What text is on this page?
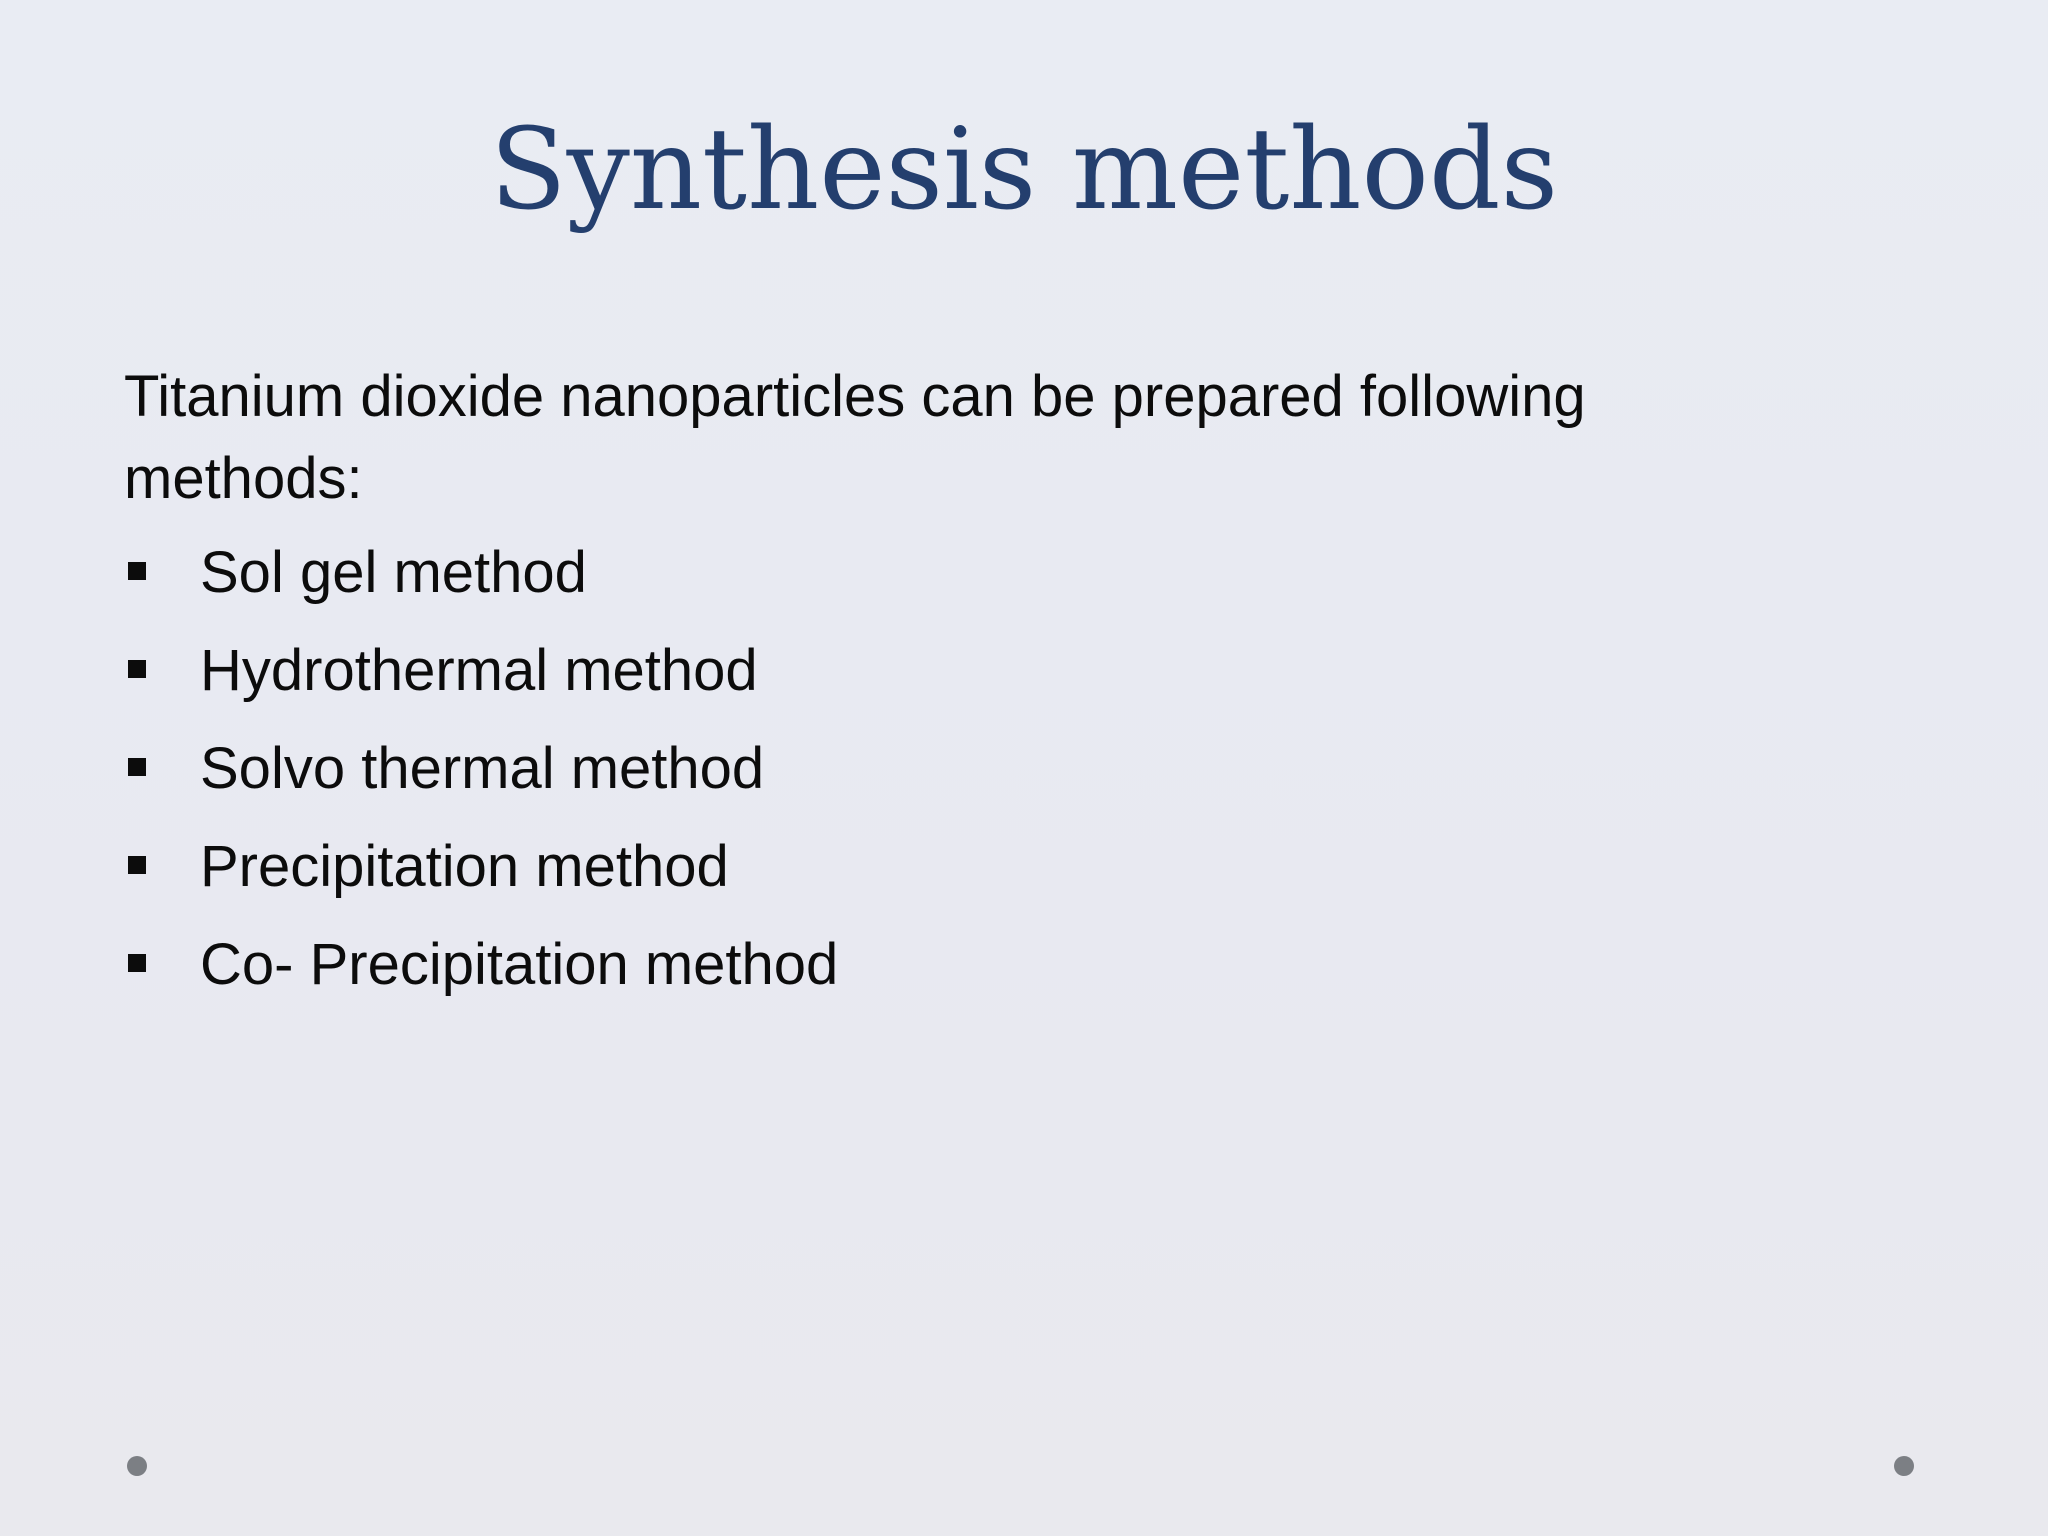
Synthesis methods

Titanium dioxide nanoparticles can be prepared following methods:

Sol gel method
Hydrothermal method
Solvo thermal method
Precipitation method
Co- Precipitation method
